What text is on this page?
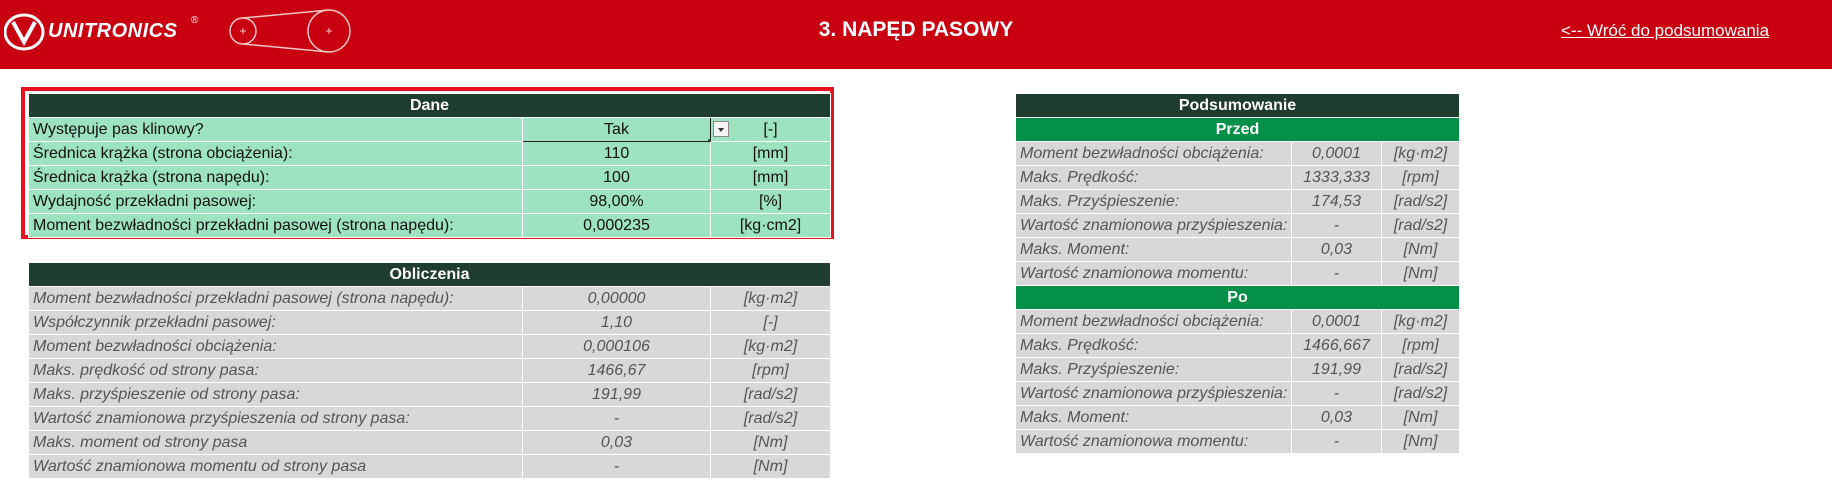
UNITRONICS ®	3. NAPĘD PASOWY	<-- Wróć do podsumowania
Dane		
Występuje pas klinowy?	Tak	[-]
Średnica krążka (strona obciążenia):	110	[mm]
Średnica krążka (strona napędu):	100	[mm]
Wydajność przekładni pasowej:	98,00%	[%]
Moment bezwładności przekładni pasowej (strona napędu):	0,000235	[kg·cm2]
Obliczenia		
Moment bezwładności przekładni pasowej (strona napędu):	0,00000	[kg·m2]
Współczynnik przekładni pasowej:	1,10	[-]
Moment bezwładności obciążenia:	0,000106	[kg·m2]
Maks. prędkość od strony pasa:	1466,67	[rpm]
Maks. przyśpieszenie od strony pasa:	191,99	[rad/s2]
Wartość znamionowa przyśpieszenia od strony pasa:	-	[rad/s2]
Maks. moment od strony pasa	0,03	[Nm]
Wartość znamionowa momentu od strony pasa	-	[Nm]
Podsumowanie		
Przed		
Moment bezwładności obciążenia:	0,0001	[kg·m2]
Maks. Prędkość:	1333,333	[rpm]
Maks. Przyśpieszenie:	174,53	[rad/s2]
Wartość znamionowa przyśpieszenia:	-	[rad/s2]
Maks. Moment:	0,03	[Nm]
Wartość znamionowa momentu:	-	[Nm]
Po		
Moment bezwładności obciążenia:	0,0001	[kg·m2]
Maks. Prędkość:	1466,667	[rpm]
Maks. Przyśpieszenie:	191,99	[rad/s2]
Wartość znamionowa przyśpieszenia:	-	[rad/s2]
Maks. Moment:	0,03	[Nm]
Wartość znamionowa momentu:	-	[Nm]
